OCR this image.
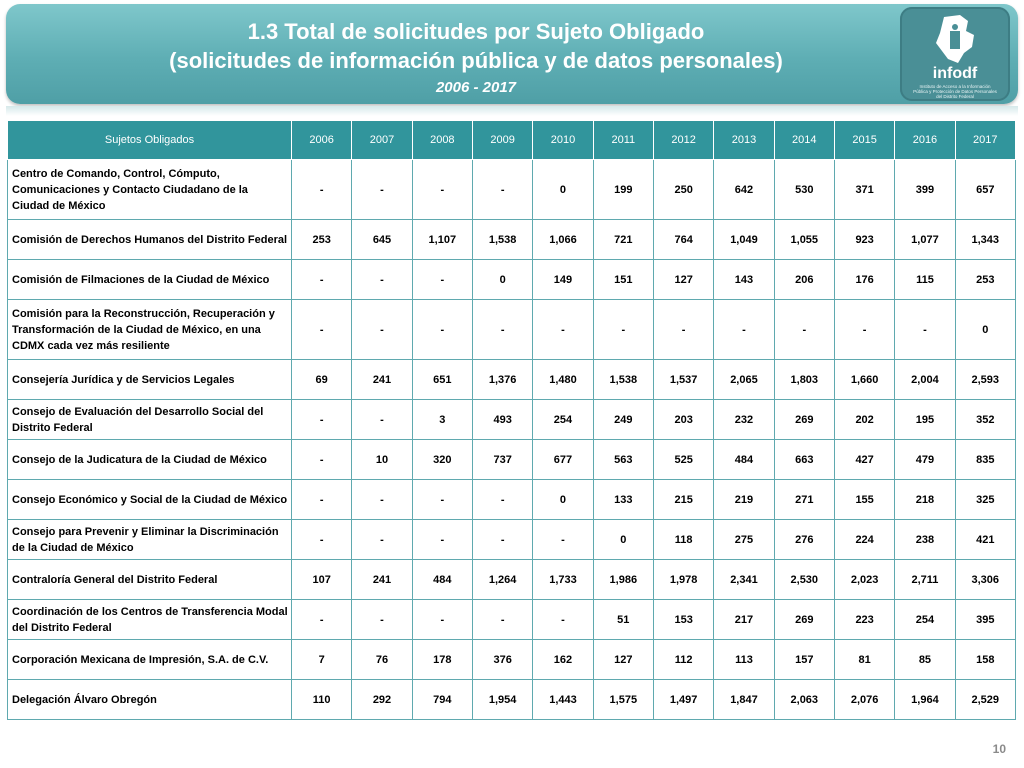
1.3 Total de solicitudes por Sujeto Obligado
(solicitudes de información pública y de datos personales)
2006 - 2017
infodf
Instituto de Acceso a la Información Pública y Protección de Datos Personales del Distrito Federal
Sujetos Obligados	2006	2007	2008	2009	2010	2011	2012	2013	2014	2015	2016	2017
Centro de Comando, Control, Cómputo, Comunicaciones y Contacto Ciudadano de la Ciudad de México	-	-	-	-	0	199	250	642	530	371	399	657
Comisión de Derechos Humanos del Distrito Federal	253	645	1,107	1,538	1,066	721	764	1,049	1,055	923	1,077	1,343
Comisión de Filmaciones de la Ciudad de México	-	-	-	0	149	151	127	143	206	176	115	253
Comisión para la Reconstrucción, Recuperación y Transformación de la Ciudad de México, en una CDMX cada vez más resiliente	-	-	-	-	-	-	-	-	-	-	-	0
Consejería Jurídica y de Servicios Legales	69	241	651	1,376	1,480	1,538	1,537	2,065	1,803	1,660	2,004	2,593
Consejo de Evaluación del Desarrollo Social del Distrito Federal	-	-	3	493	254	249	203	232	269	202	195	352
Consejo de la Judicatura de la Ciudad de México	-	10	320	737	677	563	525	484	663	427	479	835
Consejo Económico y Social de la Ciudad de México	-	-	-	-	0	133	215	219	271	155	218	325
Consejo para Prevenir y Eliminar la Discriminación de la Ciudad de México	-	-	-	-	-	0	118	275	276	224	238	421
Contraloría General del Distrito Federal	107	241	484	1,264	1,733	1,986	1,978	2,341	2,530	2,023	2,711	3,306
Coordinación de los Centros de Transferencia Modal del Distrito Federal	-	-	-	-	-	51	153	217	269	223	254	395
Corporación Mexicana de Impresión, S.A. de C.V.	7	76	178	376	162	127	112	113	157	81	85	158
Delegación Álvaro Obregón	110	292	794	1,954	1,443	1,575	1,497	1,847	2,063	2,076	1,964	2,529
10
